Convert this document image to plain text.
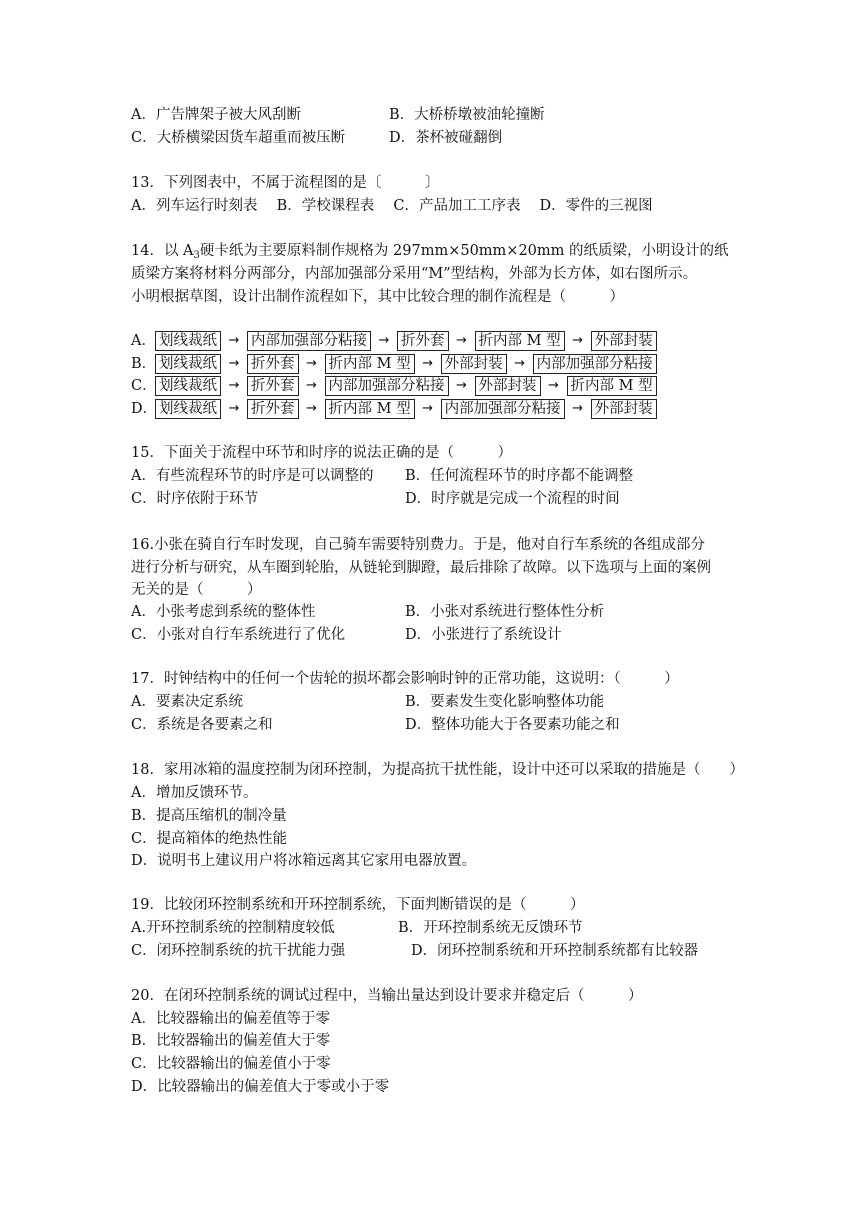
A．广告牌架子被大风刮断	B．大桥桥墩被油轮撞断
C．大桥横梁因货车超重而被压断	D．茶杯被碰翻倒
13．下列图表中，不属于流程图的是〔　　　〕
A．列车运行时刻表　 B．学校课程表　 C．产品加工工序表　 D．零件的三视图
14．以 $A_3$硬卡纸为主要原料制作规格为 297mm×50mm×20mm 的纸质梁，小明设计的纸
质梁方案将材料分两部分，内部加强部分采用“M”型结构，外部为长方体，如右图所示。
小明根据草图，设计出制作流程如下，其中比较合理的制作流程是（　　　）
A． 划线裁纸 → 内部加强部分粘接 → 折外套 → 折内部 M 型 → 外部封装
B． 划线裁纸 → 折外套 → 折内部 M 型 → 外部封装 → 内部加强部分粘接
C． 划线裁纸 → 折外套 → 内部加强部分粘接 → 外部封装 → 折内部 M 型
D． 划线裁纸 → 折外套 → 折内部 M 型 → 内部加强部分粘接 → 外部封装
15．下面关于流程中环节和时序的说法正确的是（　　　）
A．有些流程环节的时序是可以调整的 B．任何流程环节的时序都不能调整
C．时序依附于环节	D．时序就是完成一个流程的时间
16.小张在骑自行车时发现，自己骑车需要特别费力。于是，他对自行车系统的各组成部分
进行分析与研究，从车圈到轮胎，从链轮到脚蹬，最后排除了故障。以下选项与上面的案例
无关的是（　　　）
A．小张考虑到系统的整体性	B．小张对系统进行整体性分析
C．小张对自行车系统进行了优化	D．小张进行了系统设计
17．时钟结构中的任何一个齿轮的损坏都会影响时钟的正常功能，这说明：（　　　）
A．要素决定系统	B．要素发生变化影响整体功能
C．系统是各要素之和	D．整体功能大于各要素功能之和
18．家用冰箱的温度控制为闭环控制，为提高抗干扰性能，设计中还可以采取的措施是（　　）
A．增加反馈环节。
B．提高压缩机的制冷量
C．提高箱体的绝热性能
D．说明书上建议用户将冰箱远离其它家用电器放置。
19．比较闭环控制系统和开环控制系统，下面判断错误的是（　　　）
A.开环控制系统的控制精度较低	B．开环控制系统无反馈环节
C．闭环控制系统的抗干扰能力强	D．闭环控制系统和开环控制系统都有比较器
20．在闭环控制系统的调试过程中，当输出量达到设计要求并稳定后（　　　）
A．比较器输出的偏差值等于零
B．比较器输出的偏差值大于零
C．比较器输出的偏差值小于零
D．比较器输出的偏差值大于零或小于零
